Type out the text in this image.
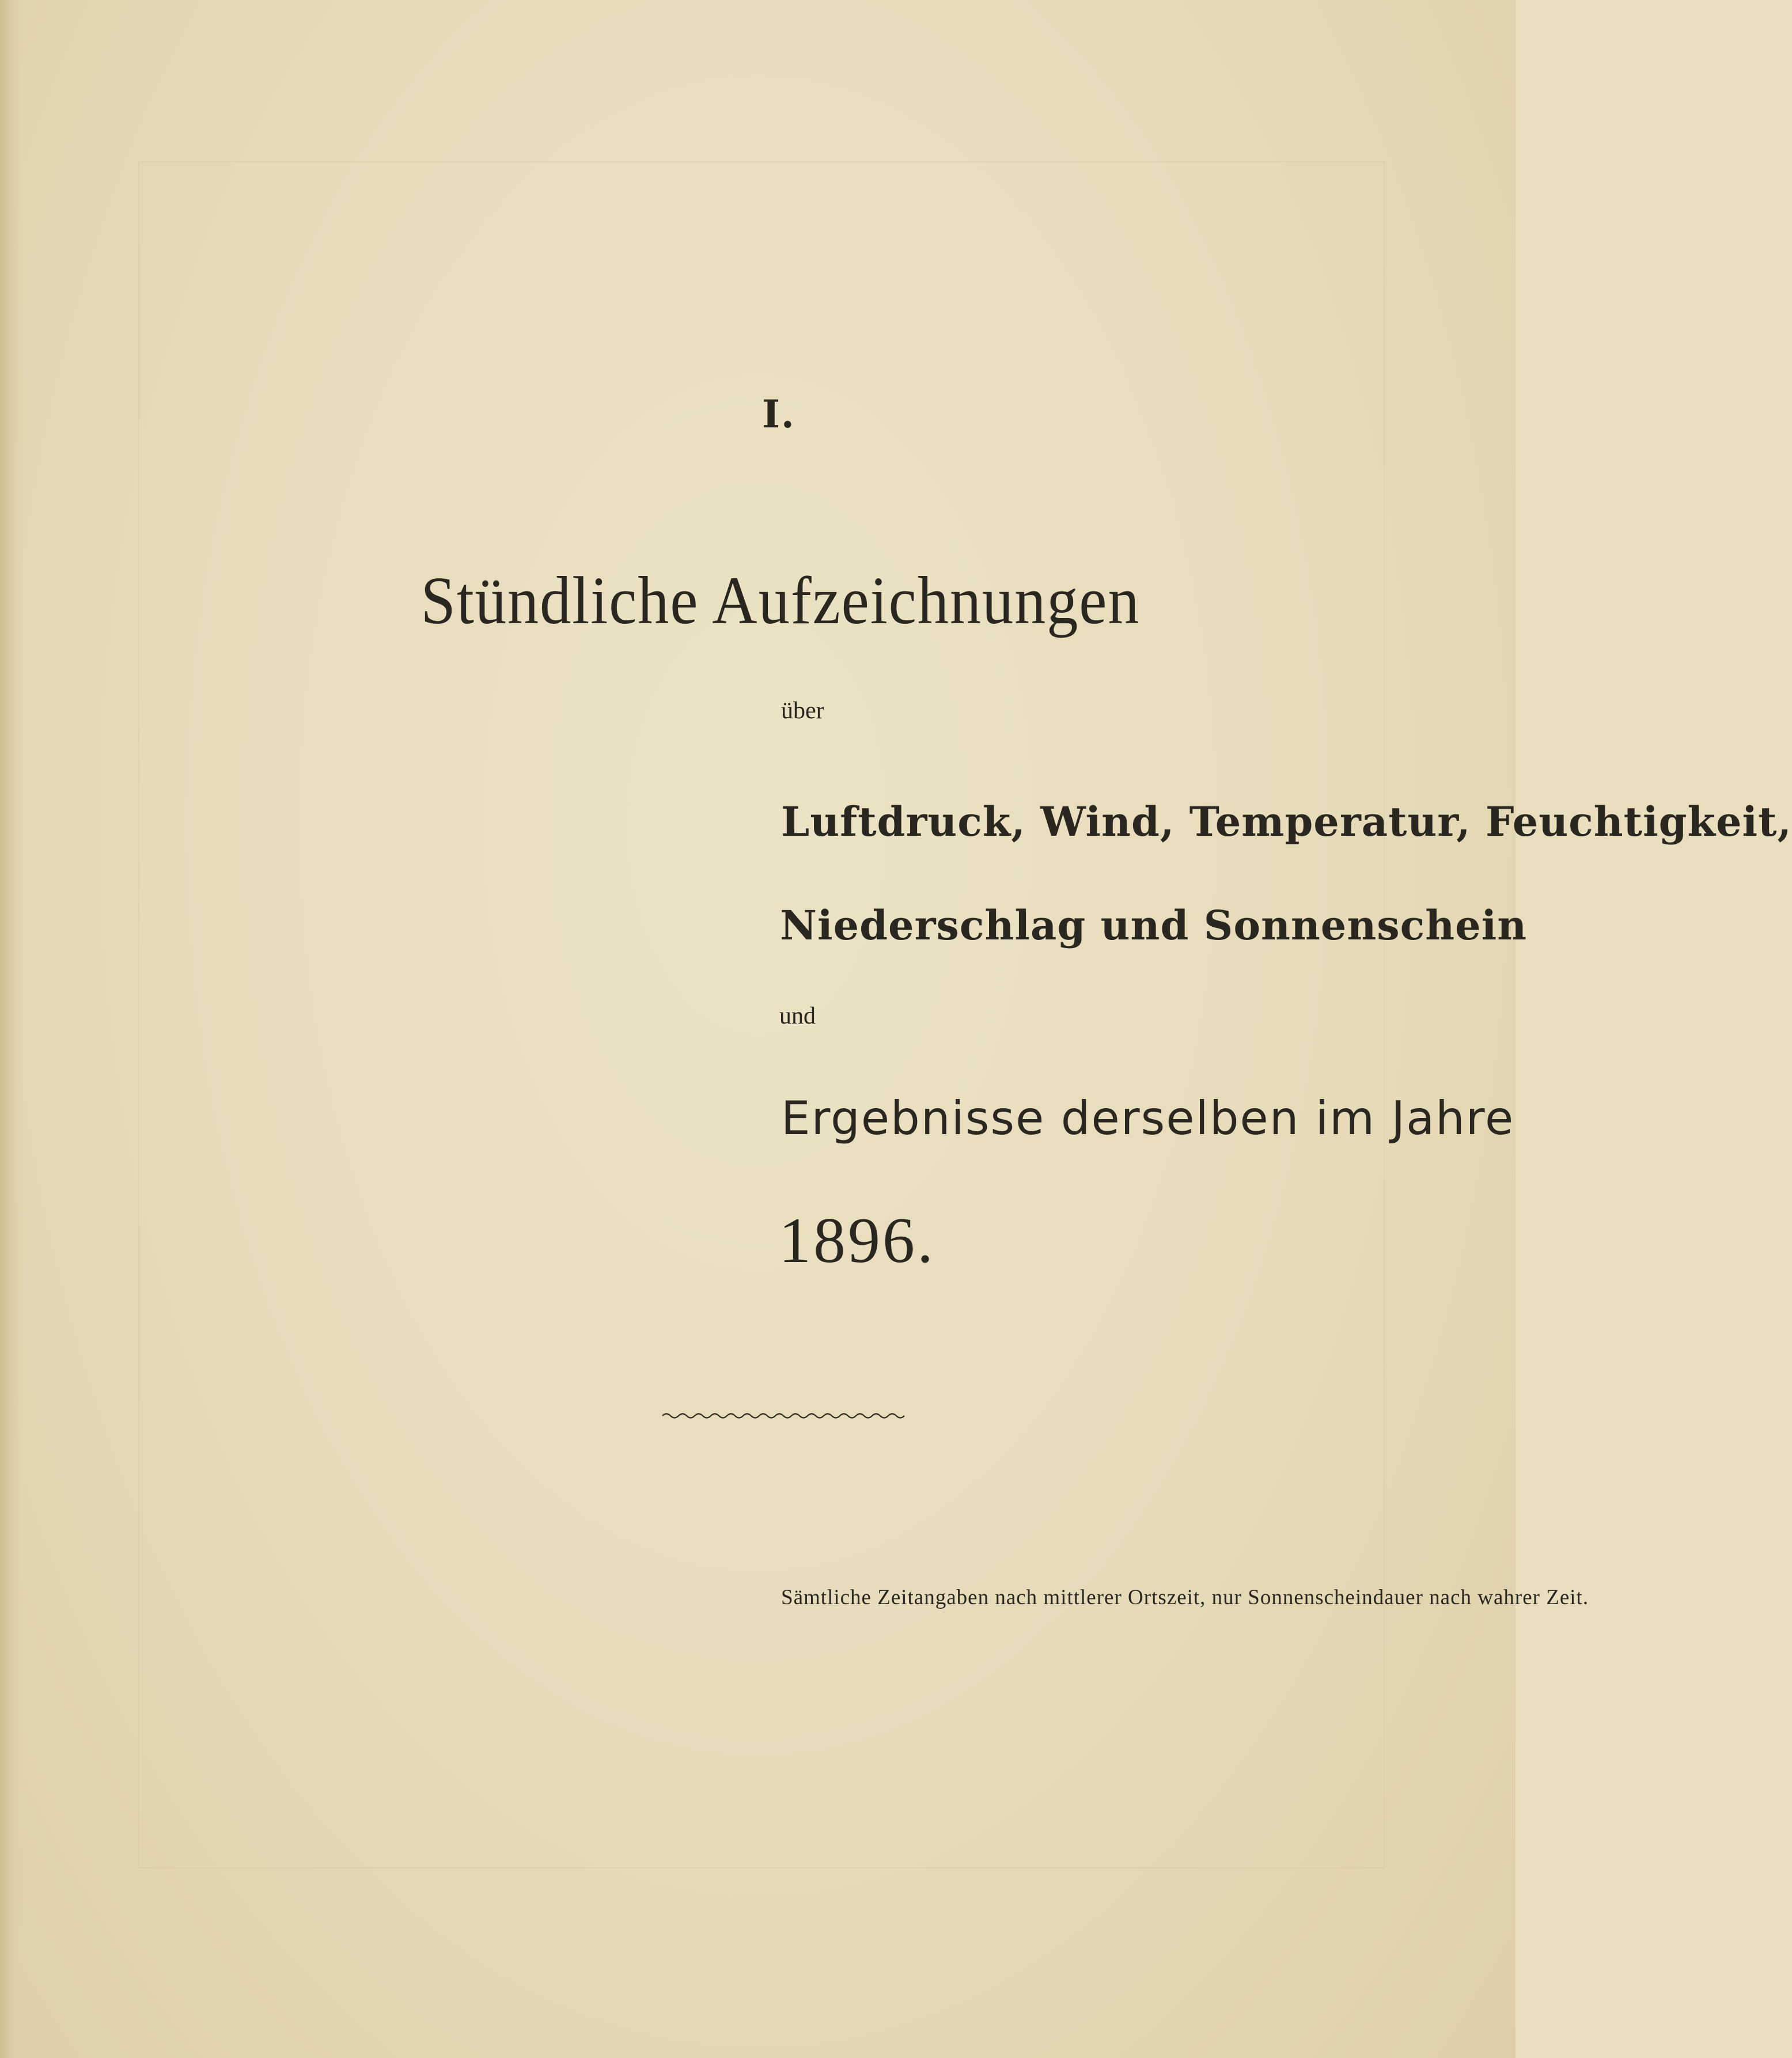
I.
Stündliche Aufzeichnungen
über
Luftdruck, Wind, Temperatur, Feuchtigkeit,
Niederschlag und Sonnenschein
und
Ergebnisse derselben im Jahre
1896.
Sämtliche Zeitangaben nach mittlerer Ortszeit, nur Sonnenscheindauer nach wahrer Zeit.
